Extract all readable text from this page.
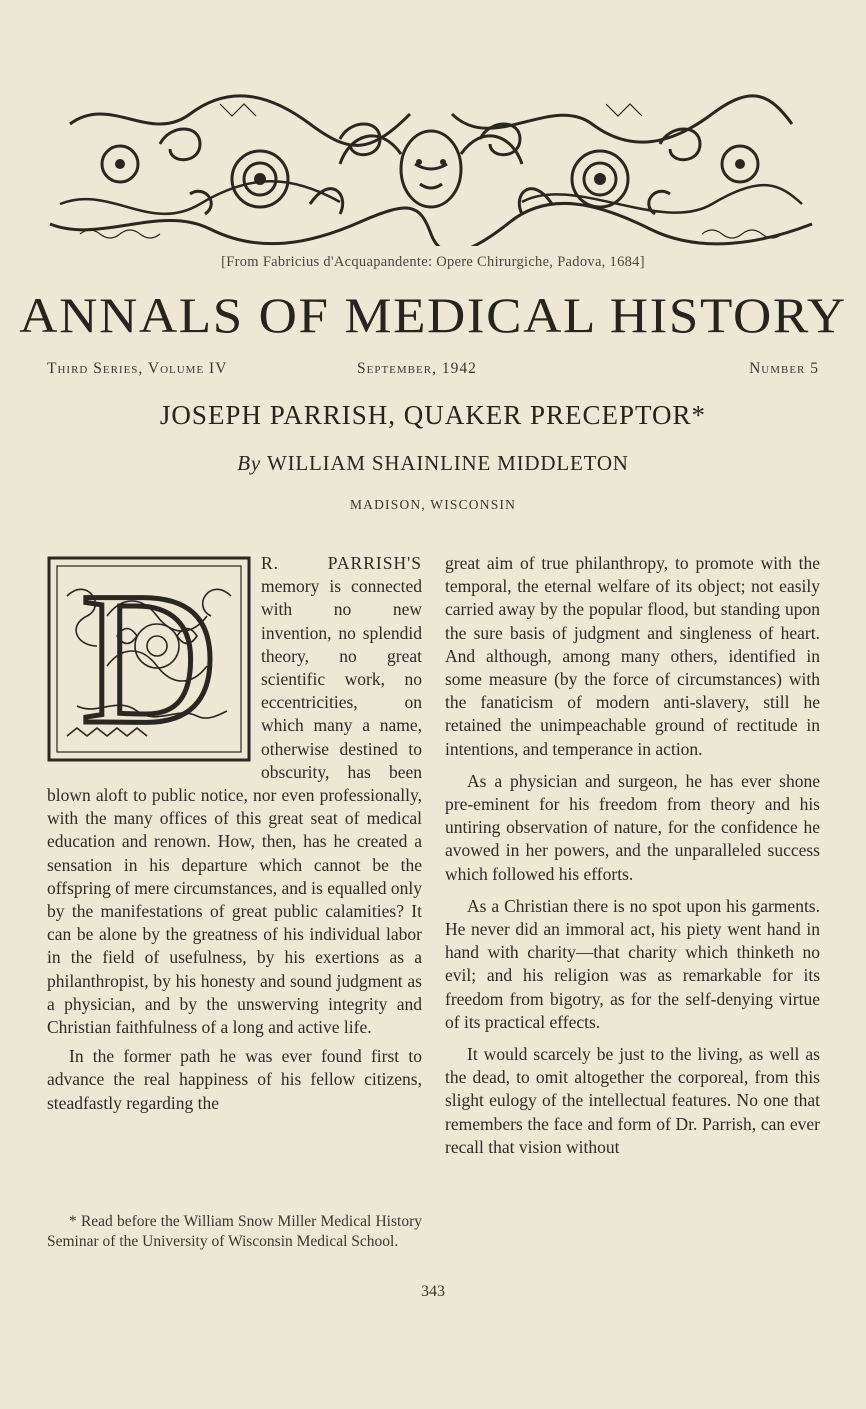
[From Fabricius d'Acquapandente: Opere Chirurgiche, Padova, 1684]
ANNALS OF MEDICAL HISTORY
Third Series, Volume IV	September, 1942	Number 5
JOSEPH PARRISH, QUAKER PRECEPTOR*
By WILLIAM SHAINLINE MIDDLETON
MADISON, WISCONSIN

D R. PARRISH'S memory is connected with no new invention, no splendid theory, no great scientific work, no eccentricities, on which many a name, otherwise destined to obscurity, has been blown aloft to public notice, nor even professionally, with the many offices of this great seat of medical education and renown. How, then, has he created a sensation in his departure which cannot be the offspring of mere circumstances, and is equalled only by the manifestations of great public calamities? It can be alone by the greatness of his individual labor in the field of usefulness, by his exertions as a philanthropist, by his honesty and sound judgment as a physician, and by the unswerving integrity and Christian faithfulness of a long and active life.

In the former path he was ever found first to advance the real happiness of his fellow citizens, steadfastly regarding the

* Read before the William Snow Miller Medical History Seminar of the University of Wisconsin Medical School.

great aim of true philanthropy, to promote with the temporal, the eternal welfare of its object; not easily carried away by the popular flood, but standing upon the sure basis of judgment and singleness of heart. And although, among many others, identified in some measure (by the force of circumstances) with the fanaticism of modern anti-slavery, still he retained the unimpeachable ground of rectitude in intentions, and temperance in action.

As a physician and surgeon, he has ever shone pre-eminent for his freedom from theory and his untiring observation of nature, for the confidence he avowed in her powers, and the unparalleled success which followed his efforts.

As a Christian there is no spot upon his garments. He never did an immoral act, his piety went hand in hand with charity—that charity which thinketh no evil; and his religion was as remarkable for its freedom from bigotry, as for the self-denying virtue of its practical effects.

It would scarcely be just to the living, as well as the dead, to omit altogether the corporeal, from this slight eulogy of the intellectual features. No one that remembers the face and form of Dr. Parrish, can ever recall that vision without

343
